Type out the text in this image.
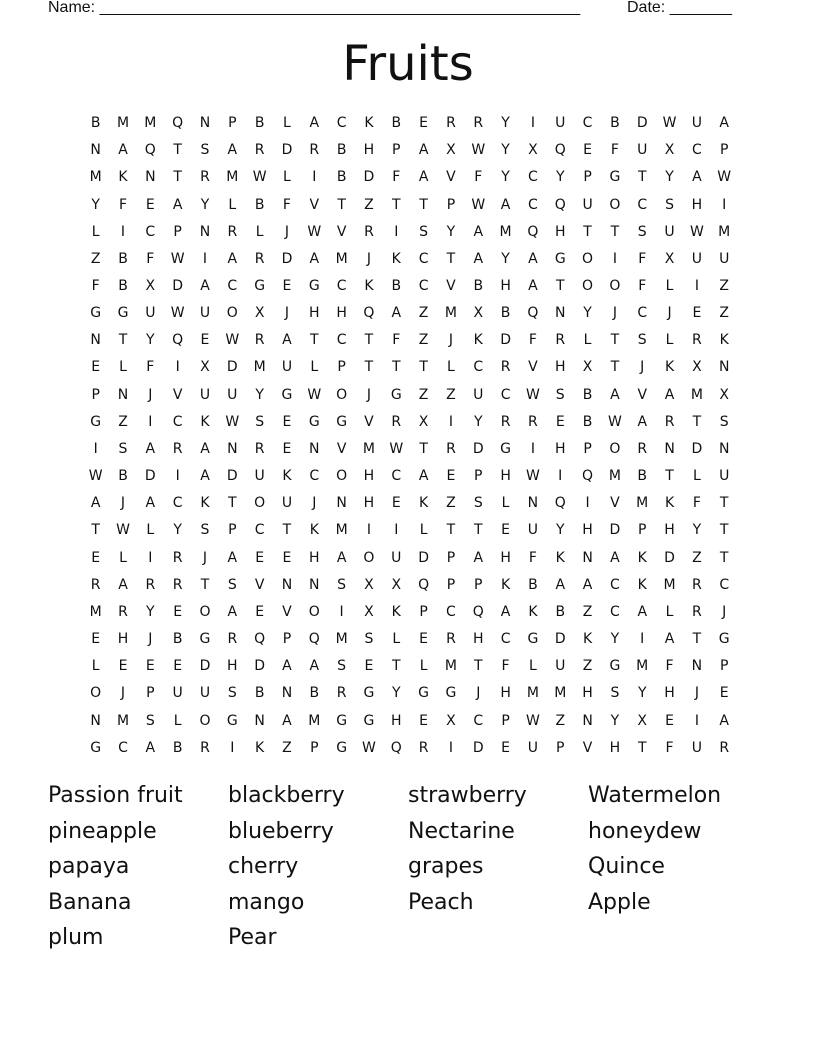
Name: ______________________________________________________	Date: _______
Fruits
B	M	M	Q	N	P	B	L	A	C	K	B	E	R	R	Y	I	U	C	B	D	W	U	A
N	A	Q	T	S	A	R	D	R	B	H	P	A	X	W	Y	X	Q	E	F	U	X	C	P
M	K	N	T	R	M	W	L	I	B	D	F	A	V	F	Y	C	Y	P	G	T	Y	A	W
Y	F	E	A	Y	L	B	F	V	T	Z	T	T	P	W	A	C	Q	U	O	C	S	H	I
L	I	C	P	N	R	L	J	W	V	R	I	S	Y	A	M	Q	H	T	T	S	U	W	M
Z	B	F	W	I	A	R	D	A	M	J	K	C	T	A	Y	A	G	O	I	F	X	U	U
F	B	X	D	A	C	G	E	G	C	K	B	C	V	B	H	A	T	O	O	F	L	I	Z
G	G	U	W	U	O	X	J	H	H	Q	A	Z	M	X	B	Q	N	Y	J	C	J	E	Z
N	T	Y	Q	E	W	R	A	T	C	T	F	Z	J	K	D	F	R	L	T	S	L	R	K
E	L	F	I	X	D	M	U	L	P	T	T	T	L	C	R	V	H	X	T	J	K	X	N
P	N	J	V	U	U	Y	G	W	O	J	G	Z	Z	U	C	W	S	B	A	V	A	M	X
G	Z	I	C	K	W	S	E	G	G	V	R	X	I	Y	R	R	E	B	W	A	R	T	S
I	S	A	R	A	N	R	E	N	V	M	W	T	R	D	G	I	H	P	O	R	N	D	N
W	B	D	I	A	D	U	K	C	O	H	C	A	E	P	H	W	I	Q	M	B	T	L	U
A	J	A	C	K	T	O	U	J	N	H	E	K	Z	S	L	N	Q	I	V	M	K	F	T
T	W	L	Y	S	P	C	T	K	M	I	I	L	T	T	E	U	Y	H	D	P	H	Y	T
E	L	I	R	J	A	E	E	H	A	O	U	D	P	A	H	F	K	N	A	K	D	Z	T
R	A	R	R	T	S	V	N	N	S	X	X	Q	P	P	K	B	A	A	C	K	M	R	C
M	R	Y	E	O	A	E	V	O	I	X	K	P	C	Q	A	K	B	Z	C	A	L	R	J
E	H	J	B	G	R	Q	P	Q	M	S	L	E	R	H	C	G	D	K	Y	I	A	T	G
L	E	E	E	D	H	D	A	A	S	E	T	L	M	T	F	L	U	Z	G	M	F	N	P
O	J	P	U	U	S	B	N	B	R	G	Y	G	G	J	H	M	M	H	S	Y	H	J	E
N	M	S	L	O	G	N	A	M	G	G	H	E	X	C	P	W	Z	N	Y	X	E	I	A
G	C	A	B	R	I	K	Z	P	G	W	Q	R	I	D	E	U	P	V	H	T	F	U	R
Passion fruit	blackberry	strawberry	Watermelon
pineapple	blueberry	Nectarine	honeydew
papaya	cherry	grapes	Quince
Banana	mango	Peach	Apple
plum	Pear
